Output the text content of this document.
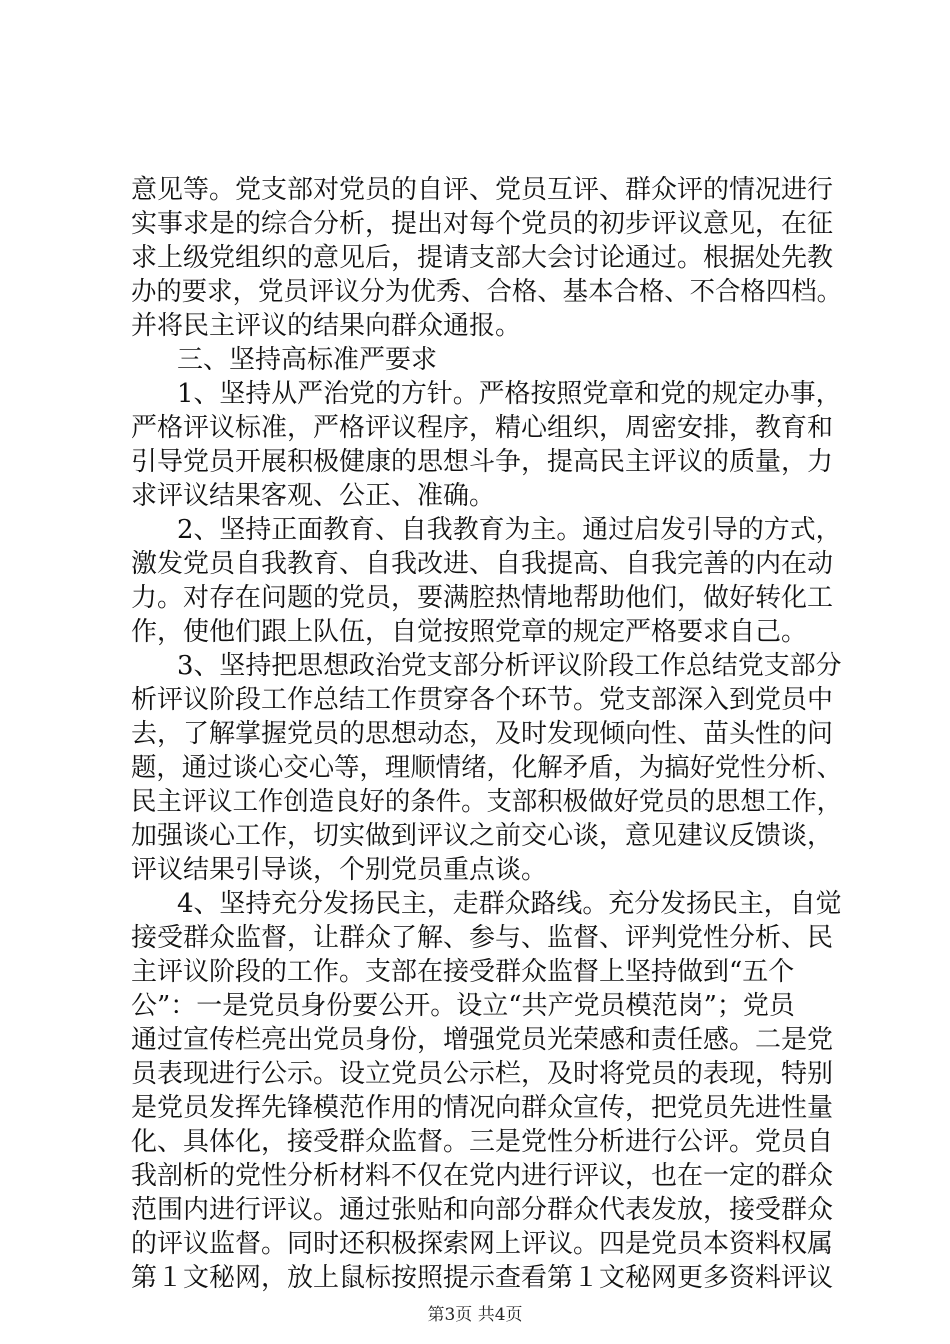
意见等。党支部对党员的自评、党员互评、群众评的情况进行
实事求是的综合分析，提出对每个党员的初步评议意见，在征
求上级党组织的意见后，提请支部大会讨论通过。根据处先教
办的要求，党员评议分为优秀、合格、基本合格、不合格四档。
并将民主评议的结果向群众通报。
三、坚持高标准严要求
1、坚持从严治党的方针。严格按照党章和党的规定办事，
严格评议标准，严格评议程序，精心组织，周密安排，教育和
引导党员开展积极健康的思想斗争，提高民主评议的质量，力
求评议结果客观、公正、准确。
2、坚持正面教育、自我教育为主。通过启发引导的方式，
激发党员自我教育、自我改进、自我提高、自我完善的内在动
力。对存在问题的党员，要满腔热情地帮助他们，做好转化工
作，使他们跟上队伍，自觉按照党章的规定严格要求自己。
3、坚持把思想政治党支部分析评议阶段工作总结党支部分
析评议阶段工作总结工作贯穿各个环节。党支部深入到党员中
去，了解掌握党员的思想动态，及时发现倾向性、苗头性的问
题，通过谈心交心等，理顺情绪，化解矛盾，为搞好党性分析、
民主评议工作创造良好的条件。支部积极做好党员的思想工作，
加强谈心工作，切实做到评议之前交心谈，意见建议反馈谈，
评议结果引导谈，个别党员重点谈。
4、坚持充分发扬民主，走群众路线。充分发扬民主，自觉
接受群众监督，让群众了解、参与、监督、评判党性分析、民
主评议阶段的工作。支部在接受群众监督上坚持做到“五个
公”：一是党员身份要公开。设立“共产党员模范岗”；党员
通过宣传栏亮出党员身份，增强党员光荣感和责任感。二是党
员表现进行公示。设立党员公示栏，及时将党员的表现，特别
是党员发挥先锋模范作用的情况向群众宣传，把党员先进性量
化、具体化，接受群众监督。三是党性分析进行公评。党员自
我剖析的党性分析材料不仅在党内进行评议，也在一定的群众
范围内进行评议。通过张贴和向部分群众代表发放，接受群众
的评议监督。同时还积极探索网上评议。四是党员本资料权属
第１文秘网，放上鼠标按照提示查看第１文秘网更多资料评议
第3页 共4页
